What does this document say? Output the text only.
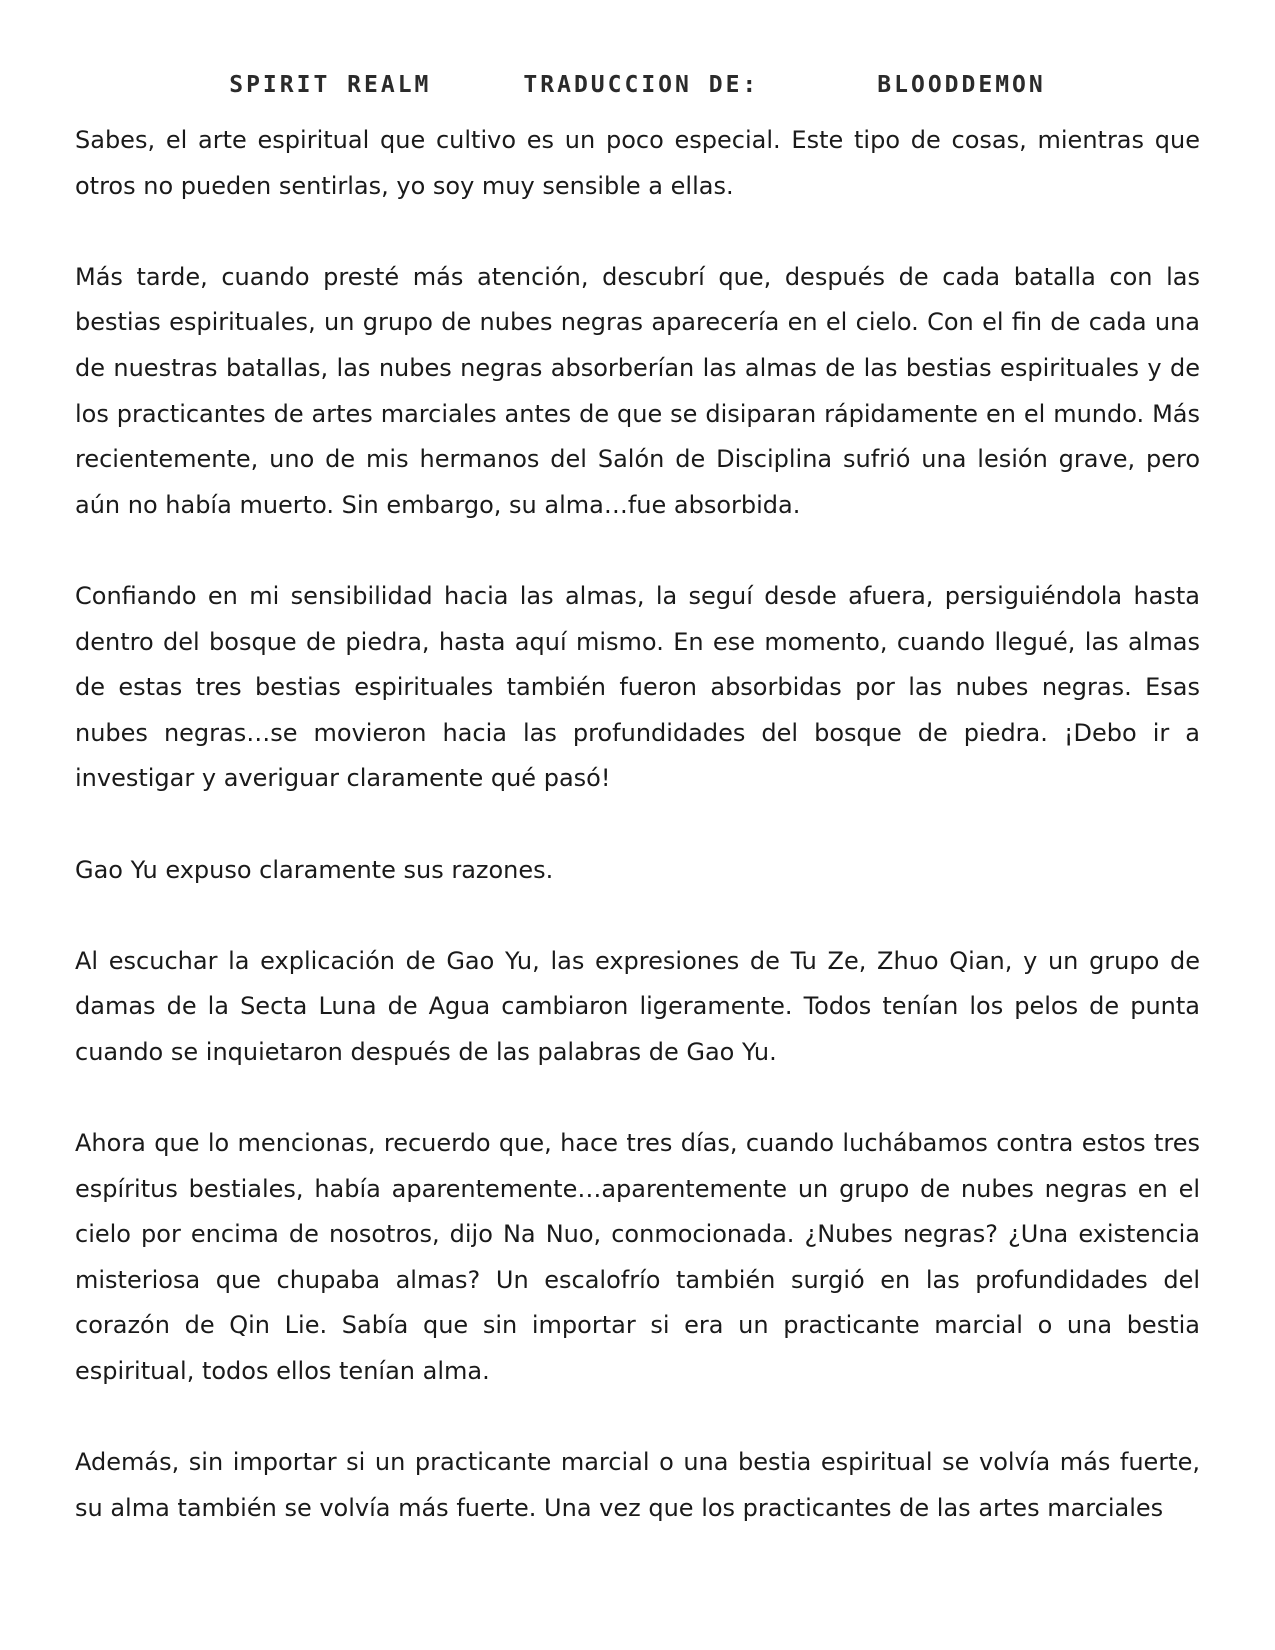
SPIRIT REALM	TRADUCCION DE:	BLOODDEMON

Sabes, el arte espiritual que cultivo es un poco especial. Este tipo de cosas, mientras que otros no pueden sentirlas, yo soy muy sensible a ellas.

Más tarde, cuando presté más atención, descubrí que, después de cada batalla con las bestias espirituales, un grupo de nubes negras aparecería en el cielo. Con el fin de cada una de nuestras batallas, las nubes negras absorberían las almas de las bestias espirituales y de los practicantes de artes marciales antes de que se disiparan rápidamente en el mundo. Más recientemente, uno de mis hermanos del Salón de Disciplina sufrió una lesión grave, pero aún no había muerto. Sin embargo, su alma…fue absorbida.

Confiando en mi sensibilidad hacia las almas, la seguí desde afuera, persiguiéndola hasta dentro del bosque de piedra, hasta aquí mismo. En ese momento, cuando llegué, las almas de estas tres bestias espirituales también fueron absorbidas por las nubes negras. Esas nubes negras…se movieron hacia las profundidades del bosque de piedra. ¡Debo ir a investigar y averiguar claramente qué pasó!

Gao Yu expuso claramente sus razones.

Al escuchar la explicación de Gao Yu, las expresiones de Tu Ze, Zhuo Qian, y un grupo de damas de la Secta Luna de Agua cambiaron ligeramente. Todos tenían los pelos de punta cuando se inquietaron después de las palabras de Gao Yu.

Ahora que lo mencionas, recuerdo que, hace tres días, cuando luchábamos contra estos tres espíritus bestiales, había aparentemente…aparentemente un grupo de nubes negras en el cielo por encima de nosotros, dijo Na Nuo, conmocionada. ¿Nubes negras? ¿Una existencia misteriosa que chupaba almas? Un escalofrío también surgió en las profundidades del corazón de Qin Lie. Sabía que sin importar si era un practicante marcial o una bestia espiritual, todos ellos tenían alma.

Además, sin importar si un practicante marcial o una bestia espiritual se volvía más fuerte, su alma también se volvía más fuerte. Una vez que los practicantes de las artes marciales
